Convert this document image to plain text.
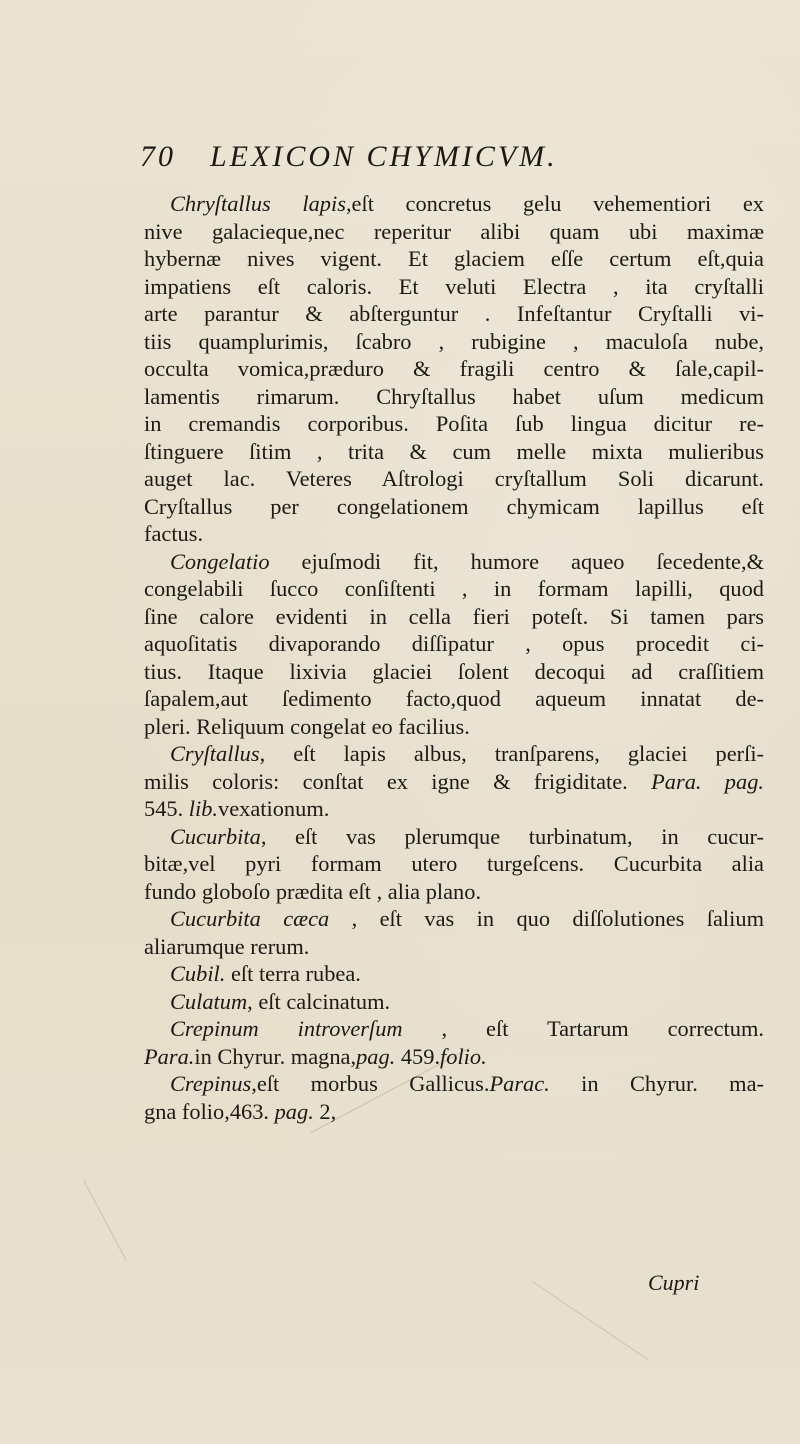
70 LEXICON CHYMICVM.
Chryſtallus lapis,eſt concretus gelu vehementiori ex
nive galacieque,nec reperitur alibi quam ubi maximæ
hybernæ nives vigent. Et glaciem eſſe certum eſt,quia
impatiens eſt caloris. Et veluti Electra , ita cryſtalli
arte parantur & abſterguntur . Infeſtantur Cryſtalli vi-
tiis quamplurimis, ſcabro , rubigine , maculoſa nube,
occulta vomica,prædurо & fragili centro & ſale,capil-
lamentis rimarum. Chryſtallus habet uſum medicum
in cremandis corporibus. Poſita ſub lingua dicitur re-
ſtinguere ſitim , trita & cum melle mixta mulieribus
auget lac. Veteres Aſtrologi cryſtallum Soli dicarunt.
Cryſtallus per congelationem chymicam lapillus eſt
factus.
Congelatio ejuſmodi fit, humore aqueo ſecedente,&
congelabili ſucco conſiſtenti , in formam lapilli, quod
ſine calore evidenti in cella fieri poteſt. Si tamen pars
aquoſitatis divaporando diſſipatur , opus procedit ci-
tius. Itaque lixivia glaciei ſolent decoqui ad craſſitiem
ſapalem,aut ſedimento facto,quod aqueum innatat de-
pleri. Reliquum congelat eo facilius.
Cryſtallus, eſt lapis albus, tranſparens, glaciei perſi-
milis coloris: conſtat ex igne & frigiditate. Para. pag.
545. lib.vexationum.
Cucurbita, eſt vas plerumque turbinatum, in cucur-
bitæ,vel pyri formam utero turgeſcens. Cucurbita alia
fundo globoſo prædita eſt , alia plano.
Cucurbita cæca , eſt vas in quo diſſolutiones ſalium
aliarumque rerum.
Cubil. eſt terra rubea.
Culatum, eſt calcinatum.
Crepinum introverſum , eſt Tartarum correctum.
Para.in Chyrur. magna,pag. 459.folio.
Crepinus,eſt morbus Gallicus.Parac. in Chyrur. ma-
gna folio,463. pag. 2,
Cupri
